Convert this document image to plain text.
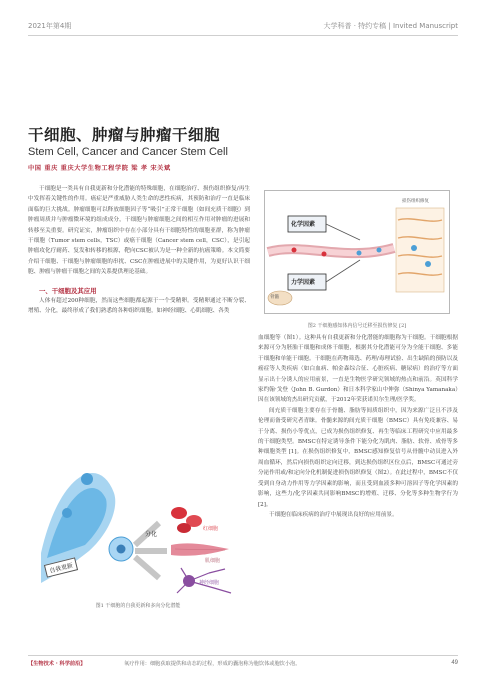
2021年第4期	大学科普 · 特约专稿 | Invited Manuscript
干细胞、肿瘤与肿瘤干细胞
Stem Cell, Cancer and Cancer Stem Cell
中国 重庆 重庆大学生物工程学院 梁 孝 宋关斌

干细胞是一类具有自我更新和分化潜能的特殊细胞，在细胞治疗、损伤组织修复/再生中发挥着关键性的作用。癌症是严重威胁人类生命的恶性疾病，其预防和治疗一直是临床面临的巨大挑战。肿瘤细胞可以释放细胞因子等“吸引”正常干细胞（如间充质干细胞）到肿瘤周质并与肿瘤微环境的组成成分，干细胞与肿瘤细胞之间的相互作用对肿瘤的进展和转移至关重要。研究证实，肿瘤组织中存在小部分具有干细胞特性的细胞亚群，称为肿瘤干细胞（Tumor stem cells，TSC）或癌干细胞（Cancer stem cell，CSC），是引起肿瘤攻化疗耐药、复发和转移的根源，靶向CSC被认为是一种全新的抗癌策略。本文简要介绍干细胞、干细胞与肿瘤细胞的串扰、CSC在肿瘤进展中的关键作用，为更好认识干细胞、肿瘤与肿瘤干细胞之间的关系提供理论基础。

一、干细胞及其应用

人体有超过200种细胞，然而这些细胞都起源于一个受精卵。受精卵通过不断分裂、增殖、分化，最终形成了我们熟悉的各种组织细胞，如神经细胞、心肌细胞、各类

自我更新
分化
红细胞
肌细胞
神经细胞
图1 干细胞的自我更新和多向分化潜能
化学因素
力学因素
损伤组织修复
骨髓
图2 干细胞感知体内信号迁移至损伤修复 [2]

血细胞等（图1）。这种具有自我更新和分化潜能的细胞称为干细胞。干细胞根据来源可分为胚胎干细胞和成体干细胞，根据其分化潜能可分为全能干细胞、多能干细胞和单能干细胞。干细胞在药物筛选、药理/毒理试验、出生缺陷的预防以及癌症等人类疾病（如白血病、帕金森综合征、心脏疾病、糖尿病）的治疗等方面显示出十分诱人的应用前景，一直是生物医学研究领域的热点和前沿。英国科学家约翰·戈登（John B. Gurdon）和日本科学家山中伸弥（Shinya Yamanaka）因在该领域的杰出研究贡献，于2012年荣获诺贝尔生理/医学奖。

间充质干细胞主要存在于骨髓、脂肪等间质组织中，因为来源广泛且不涉及伦理而备受研究者青睐。骨髓来源的间充质干细胞（BMSC）具有免疫兼容、易于分离、损伤小等优点，已成为损伤组织修复、再生等临床工程研究中应用最多的干细胞类型。BMSC在特定诱导条件下能分化为肌肉、脂肪、软骨、成骨等多种细胞类型 [1]。在损伤组织修复中，BMSC感知修复信号从骨髓中动员进入外周血循环，然后向损伤组织定向迁移，到达损伤组织区位点后，BMSC可通过旁分泌作用或/和定向分化机制促进损伤组织修复（图2）。在此过程中，BMSC不仅受到自身动力作用等力学因素的影响，而且受到血液多种可溶因子等化学因素的影响，这些力/化学因素共同影响BMSC的增殖、迁移、分化等多种生物学行为 [2]。

干细胞在临床疾病的治疗中展现出良好的应用前景。

【生物技术 · 科学前沿】	氧疗作用：细胞获取提供和动态的过程，形成的囊泡称为胞饮体或胞饮小泡。	49
